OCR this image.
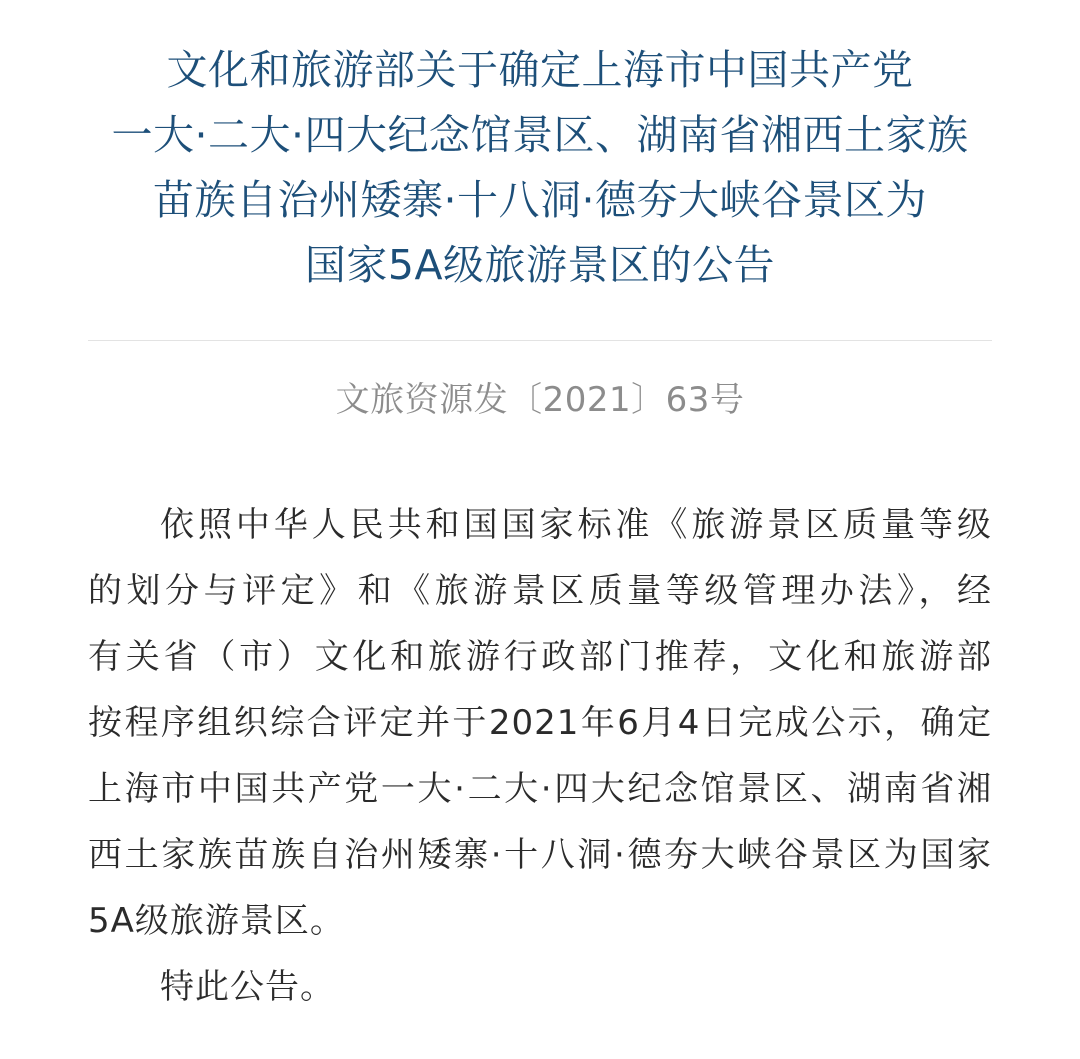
文化和旅游部关于确定上海市中国共产党
一大·二大·四大纪念馆景区、湖南省湘西土家族
苗族自治州矮寨·十八洞·德夯大峡谷景区为
国家5A级旅游景区的公告
文旅资源发〔2021〕63号
依照中华人民共和国国家标准《旅游景区质量等级
的划分与评定》和《旅游景区质量等级管理办法》，经
有关省（市）文化和旅游行政部门推荐，文化和旅游部
按程序组织综合评定并于2021年6月4日完成公示，确定
上海市中国共产党一大·二大·四大纪念馆景区、湖南省湘
西土家族苗族自治州矮寨·十八洞·德夯大峡谷景区为国家
5A级旅游景区。
特此公告。
